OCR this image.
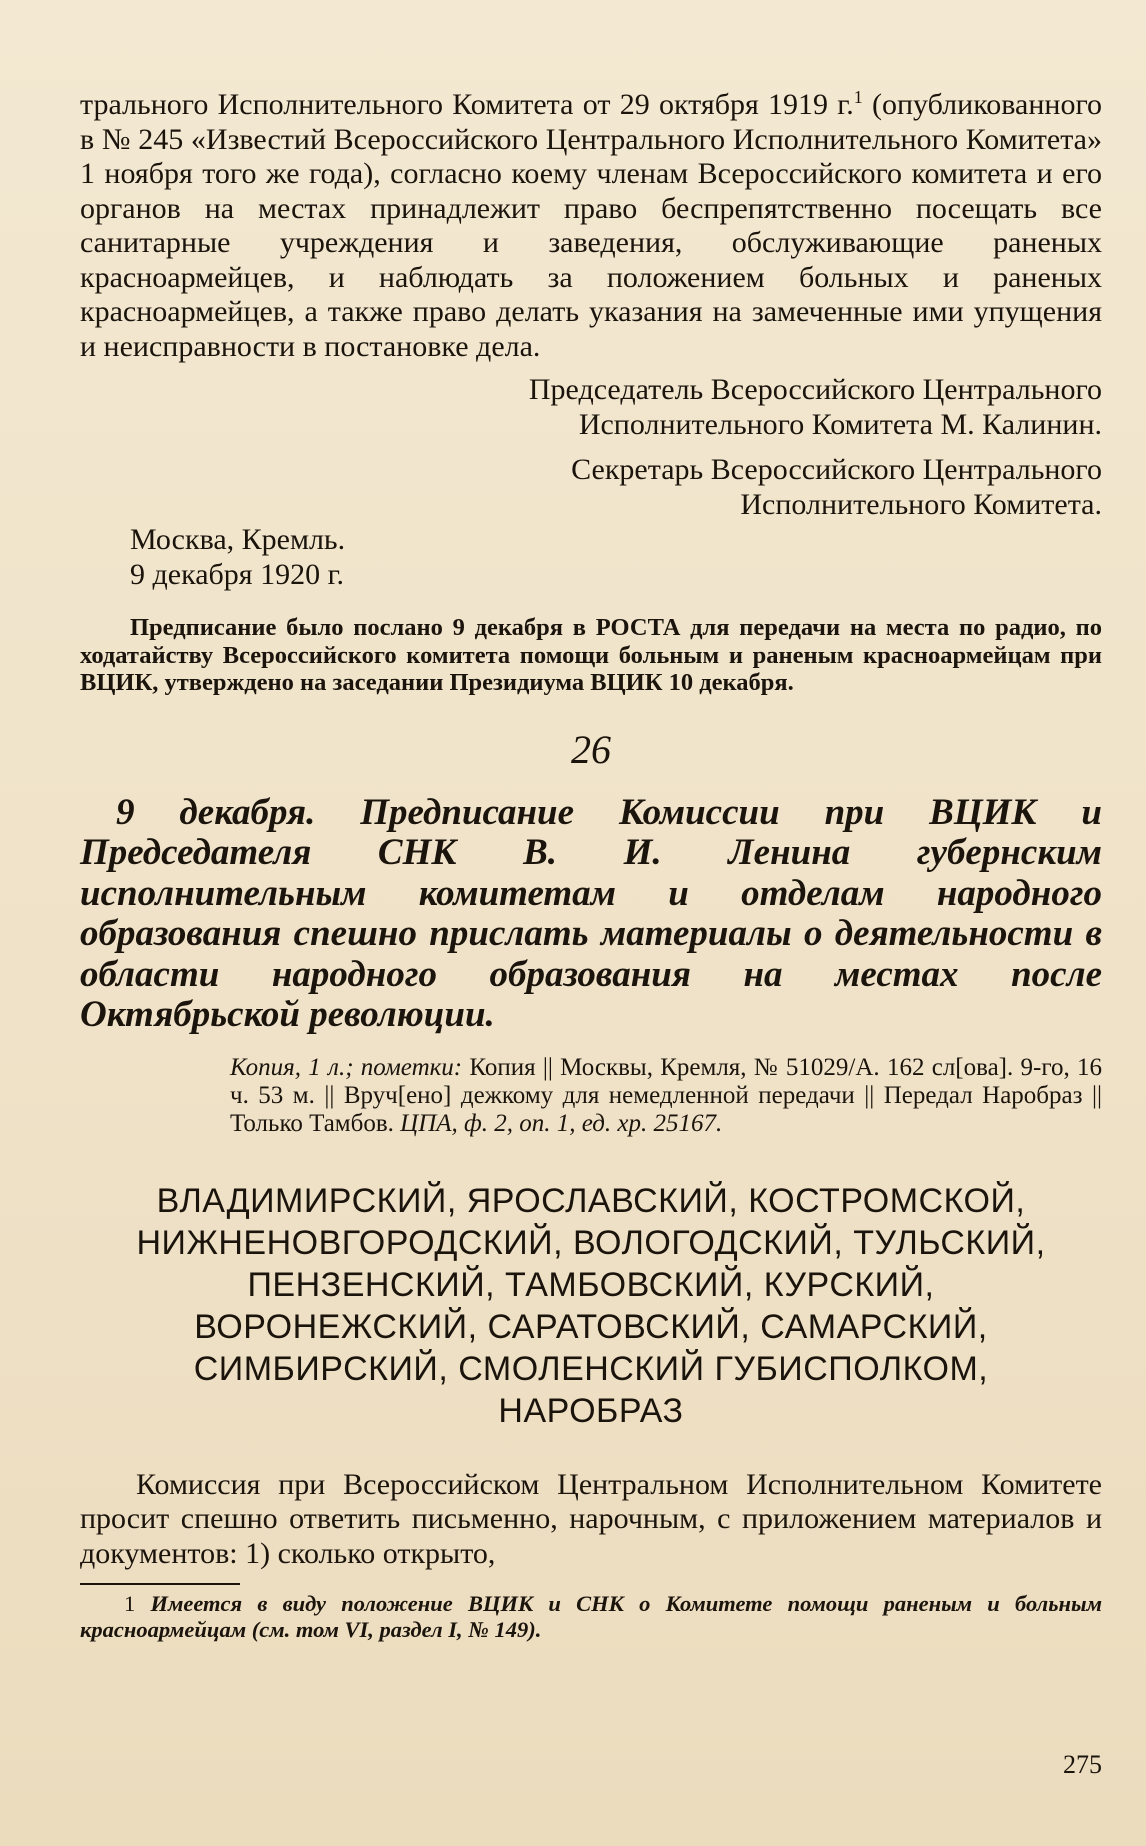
трального Исполнительного Комитета от 29 октября 1919 г.$^1$ (опубликованного в № 245 «Известий Всероссийского Центрального Исполнительного Комитета» 1 ноября того же года), согласно коему членам Всероссийского комитета и его органов на местах принадлежит право беспрепятственно посещать все санитарные учреждения и заведения, обслуживающие раненых красноармейцев, и наблюдать за положением больных и раненых красноармейцев, а также право делать указания на замеченные ими упущения и неисправности в постановке дела.

Председатель Всероссийского Центрального Исполнительного Комитета М. Калинин.

Секретарь Всероссийского Центрального Исполнительного Комитета.

Москва, Кремль.

9 декабря 1920 г.

Предписание было послано 9 декабря в РОСТА для передачи на места по радио, по ходатайству Всероссийского комитета помощи больным и раненым красноармейцам при ВЦИК, утверждено на заседании Президиума ВЦИК 10 декабря.

26

9 декабря. Предписание Комиссии при ВЦИК и Председателя СНК В. И. Ленина губернским исполнительным комитетам и отделам народного образования спешно прислать материалы о деятельности в области народного образования на местах после Октябрьской революции.

Копия, 1 л.; пометки: Копия || Москвы, Кремля, № 51029/А. 162 сл[ова]. 9-го, 16 ч. 53 м. || Вруч[ено] дежкому для немедленной передачи || Передал Наробраз || Только Тамбов. ЦПА, ф. 2, оп. 1, ед. хр. 25167.

ВЛАДИМИРСКИЙ, ЯРОСЛАВСКИЙ, КОСТРОМСКОЙ,

НИЖНЕНОВГОРОДСКИЙ, ВОЛОГОДСКИЙ, ТУЛЬСКИЙ,

ПЕНЗЕНСКИЙ, ТАМБОВСКИЙ, КУРСКИЙ,

ВОРОНЕЖСКИЙ, САРАТОВСКИЙ, САМАРСКИЙ,

СИМБИРСКИЙ, СМОЛЕНСКИЙ ГУБИСПОЛКОМ,

НАРОБРАЗ

Комиссия при Всероссийском Центральном Исполнительном Комитете просит спешно ответить письменно, нарочным, с приложением материалов и документов: 1) сколько открыто,

1 Имеется в виду положение ВЦИК и СНК о Комитете помощи раненым и больным красноармейцам (см. том VI, раздел I, № 149).

275
